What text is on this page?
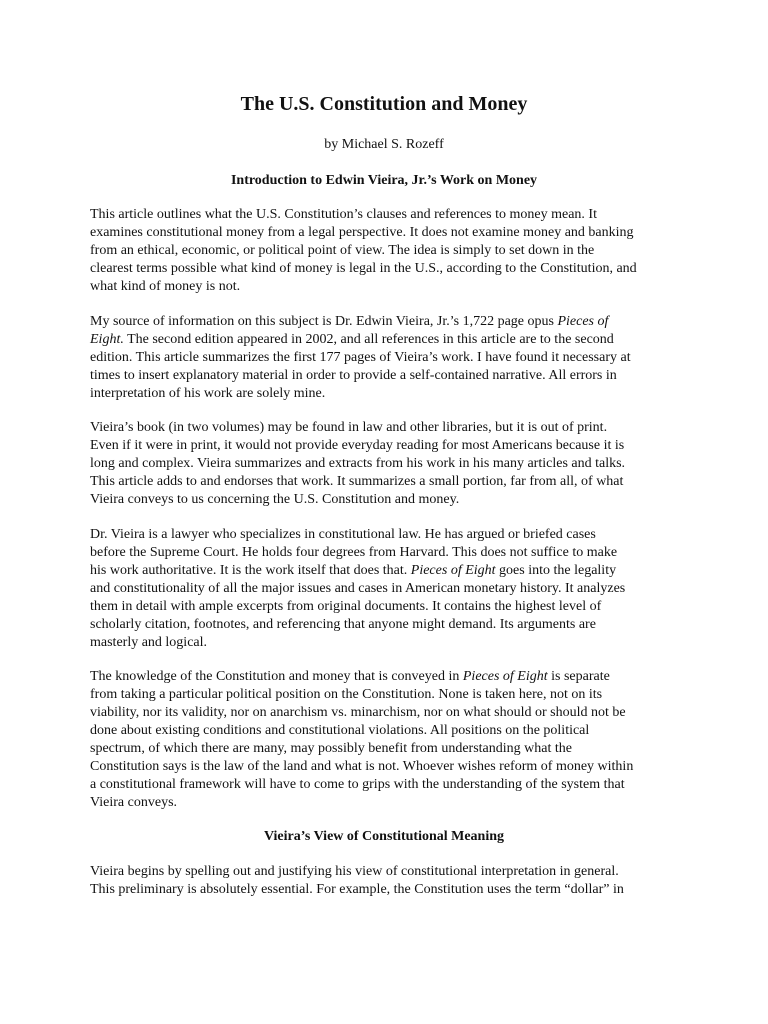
The U.S. Constitution and Money

by Michael S. Rozeff

Introduction to Edwin Vieira, Jr.’s Work on Money

This article outlines what the U.S. Constitution’s clauses and references to money mean. It
examines constitutional money from a legal perspective. It does not examine money and banking
from an ethical, economic, or political point of view. The idea is simply to set down in the
clearest terms possible what kind of money is legal in the U.S., according to the Constitution, and
what kind of money is not.

My source of information on this subject is Dr. Edwin Vieira, Jr.’s 1,722 page opus Pieces of
Eight. The second edition appeared in 2002, and all references in this article are to the second
edition. This article summarizes the first 177 pages of Vieira’s work. I have found it necessary at
times to insert explanatory material in order to provide a self-contained narrative. All errors in
interpretation of his work are solely mine.

Vieira’s book (in two volumes) may be found in law and other libraries, but it is out of print.
Even if it were in print, it would not provide everyday reading for most Americans because it is
long and complex. Vieira summarizes and extracts from his work in his many articles and talks.
This article adds to and endorses that work. It summarizes a small portion, far from all, of what
Vieira conveys to us concerning the U.S. Constitution and money.

Dr. Vieira is a lawyer who specializes in constitutional law. He has argued or briefed cases
before the Supreme Court. He holds four degrees from Harvard. This does not suffice to make
his work authoritative. It is the work itself that does that. Pieces of Eight goes into the legality
and constitutionality of all the major issues and cases in American monetary history. It analyzes
them in detail with ample excerpts from original documents. It contains the highest level of
scholarly citation, footnotes, and referencing that anyone might demand. Its arguments are
masterly and logical.

The knowledge of the Constitution and money that is conveyed in Pieces of Eight is separate
from taking a particular political position on the Constitution. None is taken here, not on its
viability, nor its validity, nor on anarchism vs. minarchism, nor on what should or should not be
done about existing conditions and constitutional violations. All positions on the political
spectrum, of which there are many, may possibly benefit from understanding what the
Constitution says is the law of the land and what is not. Whoever wishes reform of money within
a constitutional framework will have to come to grips with the understanding of the system that
Vieira conveys.

Vieira’s View of Constitutional Meaning

Vieira begins by spelling out and justifying his view of constitutional interpretation in general.
This preliminary is absolutely essential. For example, the Constitution uses the term “dollar” in
